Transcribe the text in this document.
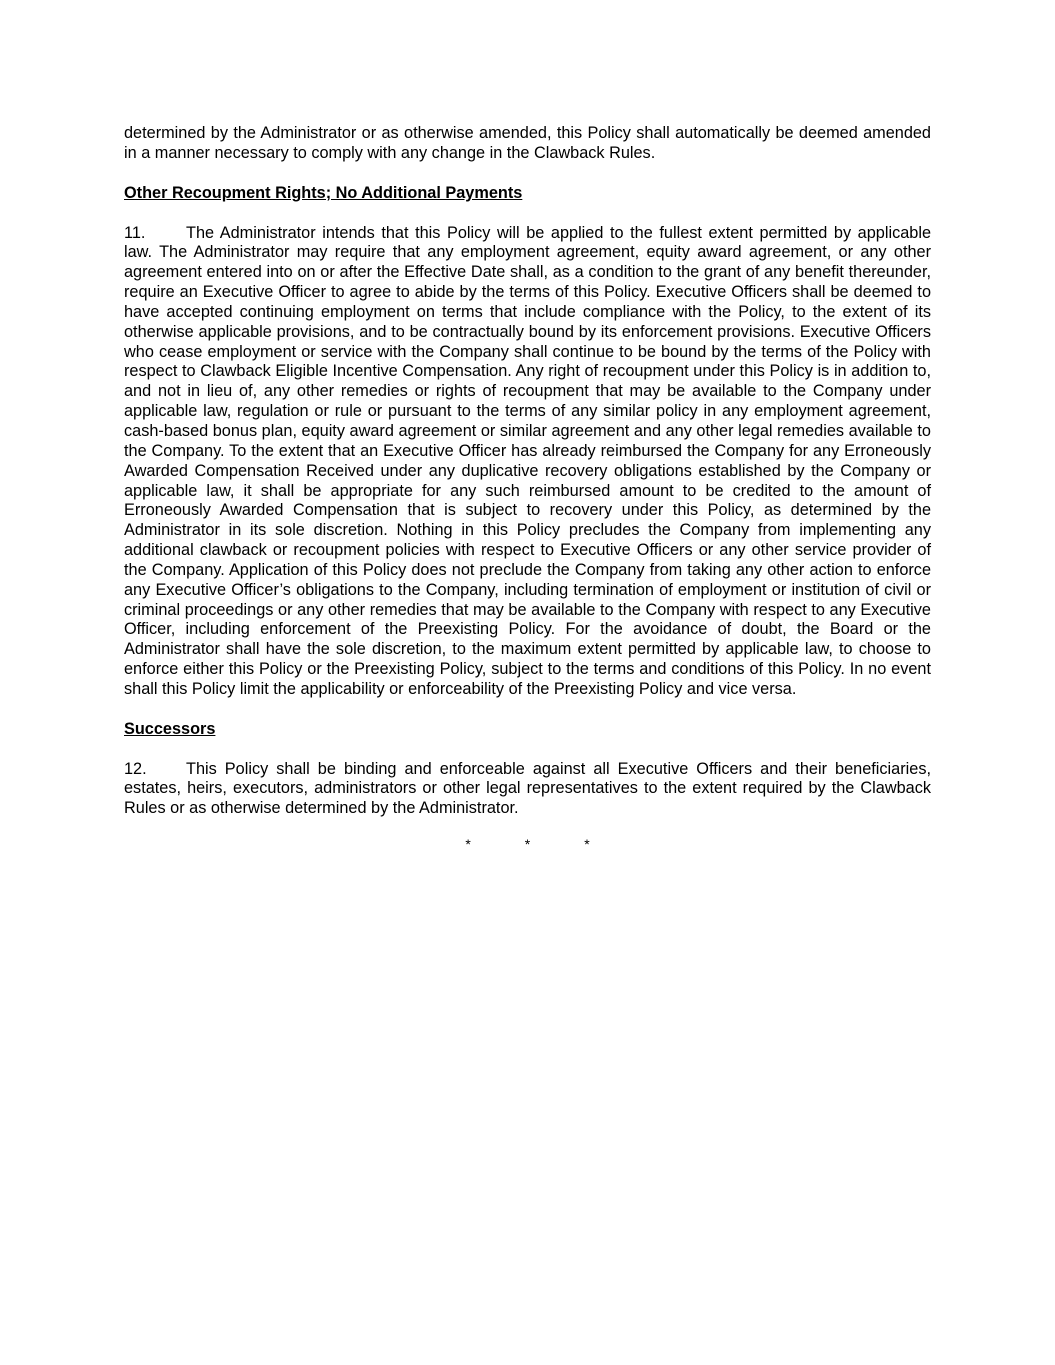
determined by the Administrator or as otherwise amended, this Policy shall automatically be deemed amended in a manner necessary to comply with any change in the Clawback Rules.

Other Recoupment Rights; No Additional Payments

11. The Administrator intends that this Policy will be applied to the fullest extent permitted by applicable law. The Administrator may require that any employment agreement, equity award agreement, or any other agreement entered into on or after the Effective Date shall, as a condition to the grant of any benefit thereunder, require an Executive Officer to agree to abide by the terms of this Policy. Executive Officers shall be deemed to have accepted continuing employment on terms that include compliance with the Policy, to the extent of its otherwise applicable provisions, and to be contractually bound by its enforcement provisions. Executive Officers who cease employment or service with the Company shall continue to be bound by the terms of the Policy with respect to Clawback Eligible Incentive Compensation. Any right of recoupment under this Policy is in addition to, and not in lieu of, any other remedies or rights of recoupment that may be available to the Company under applicable law, regulation or rule or pursuant to the terms of any similar policy in any employment agreement, cash-based bonus plan, equity award agreement or similar agreement and any other legal remedies available to the Company. To the extent that an Executive Officer has already reimbursed the Company for any Erroneously Awarded Compensation Received under any duplicative recovery obligations established by the Company or applicable law, it shall be appropriate for any such reimbursed amount to be credited to the amount of Erroneously Awarded Compensation that is subject to recovery under this Policy, as determined by the Administrator in its sole discretion. Nothing in this Policy precludes the Company from implementing any additional clawback or recoupment policies with respect to Executive Officers or any other service provider of the Company. Application of this Policy does not preclude the Company from taking any other action to enforce any Executive Officer’s obligations to the Company, including termination of employment or institution of civil or criminal proceedings or any other remedies that may be available to the Company with respect to any Executive Officer, including enforcement of the Preexisting Policy. For the avoidance of doubt, the Board or the Administrator shall have the sole discretion, to the maximum extent permitted by applicable law, to choose to enforce either this Policy or the Preexisting Policy, subject to the terms and conditions of this Policy. In no event shall this Policy limit the applicability or enforceability of the Preexisting Policy and vice versa.

Successors

12. This Policy shall be binding and enforceable against all Executive Officers and their beneficiaries, estates, heirs, executors, administrators or other legal representatives to the extent required by the Clawback Rules or as otherwise determined by the Administrator.

*	*	*
